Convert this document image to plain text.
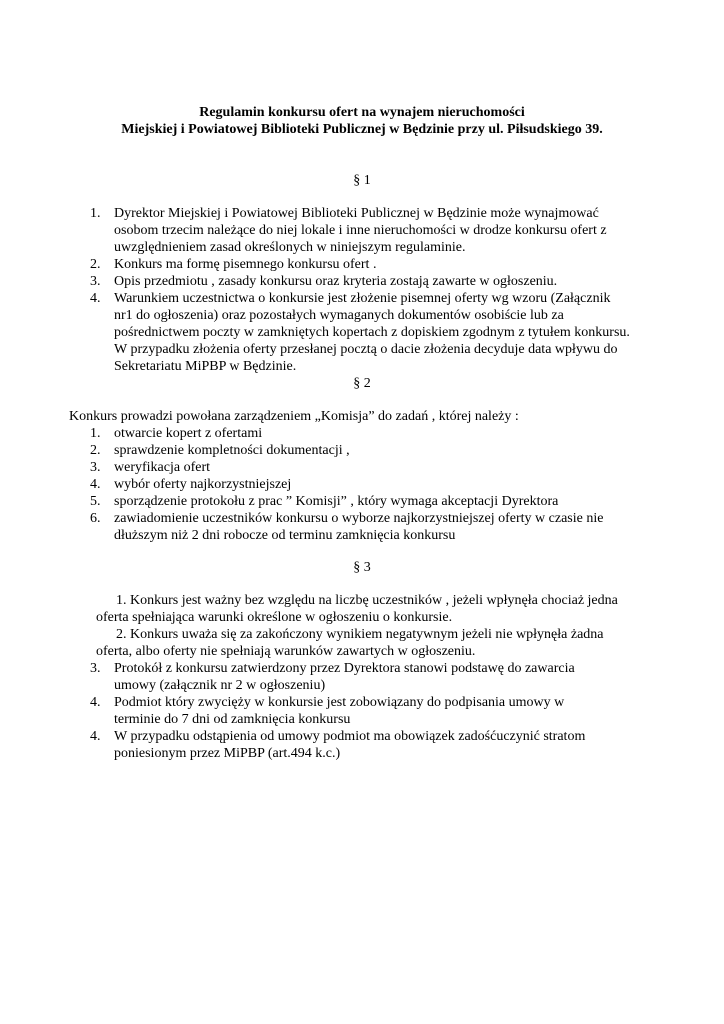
Regulamin konkursu ofert na wynajem nieruchomości
Miejskiej i Powiatowej Biblioteki Publicznej w Będzinie przy ul. Piłsudskiego 39.
§ 1
1. Dyrektor Miejskiej i Powiatowej Biblioteki Publicznej w Będzinie może wynajmować
osobom trzecim należące do niej lokale i inne nieruchomości w drodze konkursu ofert z
uwzględnieniem zasad określonych w niniejszym regulaminie.
2. Konkurs ma formę pisemnego konkursu ofert .
3. Opis przedmiotu , zasady konkursu oraz kryteria zostają zawarte w ogłoszeniu.
4. Warunkiem uczestnictwa o konkursie jest złożenie pisemnej oferty wg wzoru (Załącznik
nr1 do ogłoszenia) oraz pozostałych wymaganych dokumentów osobiście lub za
pośrednictwem poczty w zamkniętych kopertach z dopiskiem zgodnym z tytułem konkursu.
W przypadku złożenia oferty przesłanej pocztą o dacie złożenia decyduje data wpływu do
Sekretariatu MiPBP w Będzinie.
§ 2
Konkurs prowadzi powołana zarządzeniem „Komisja” do zadań , której należy :
1. otwarcie kopert z ofertami
2. sprawdzenie kompletności dokumentacji ,
3. weryfikacja ofert
4. wybór oferty najkorzystniejszej
5. sporządzenie protokołu z prac ” Komisji” , który wymaga akceptacji Dyrektora
6. zawiadomienie uczestników konkursu o wyborze najkorzystniejszej oferty w czasie nie
dłuższym niż 2 dni robocze od terminu zamknięcia konkursu
§ 3
1. Konkurs jest ważny bez względu na liczbę uczestników , jeżeli wpłynęła chociaż jedna
oferta spełniająca warunki określone w ogłoszeniu o konkursie.
2. Konkurs uważa się za zakończony wynikiem negatywnym jeżeli nie wpłynęła żadna
oferta, albo oferty nie spełniają warunków zawartych w ogłoszeniu.
3. Protokół z konkursu zatwierdzony przez Dyrektora stanowi podstawę do zawarcia
umowy (załącznik nr 2 w ogłoszeniu)
4. Podmiot który zwycięży w konkursie jest zobowiązany do podpisania umowy w
terminie do 7 dni od zamknięcia konkursu
4. W przypadku odstąpienia od umowy podmiot ma obowiązek zadośćuczynić stratom
poniesionym przez MiPBP (art.494 k.c.)
